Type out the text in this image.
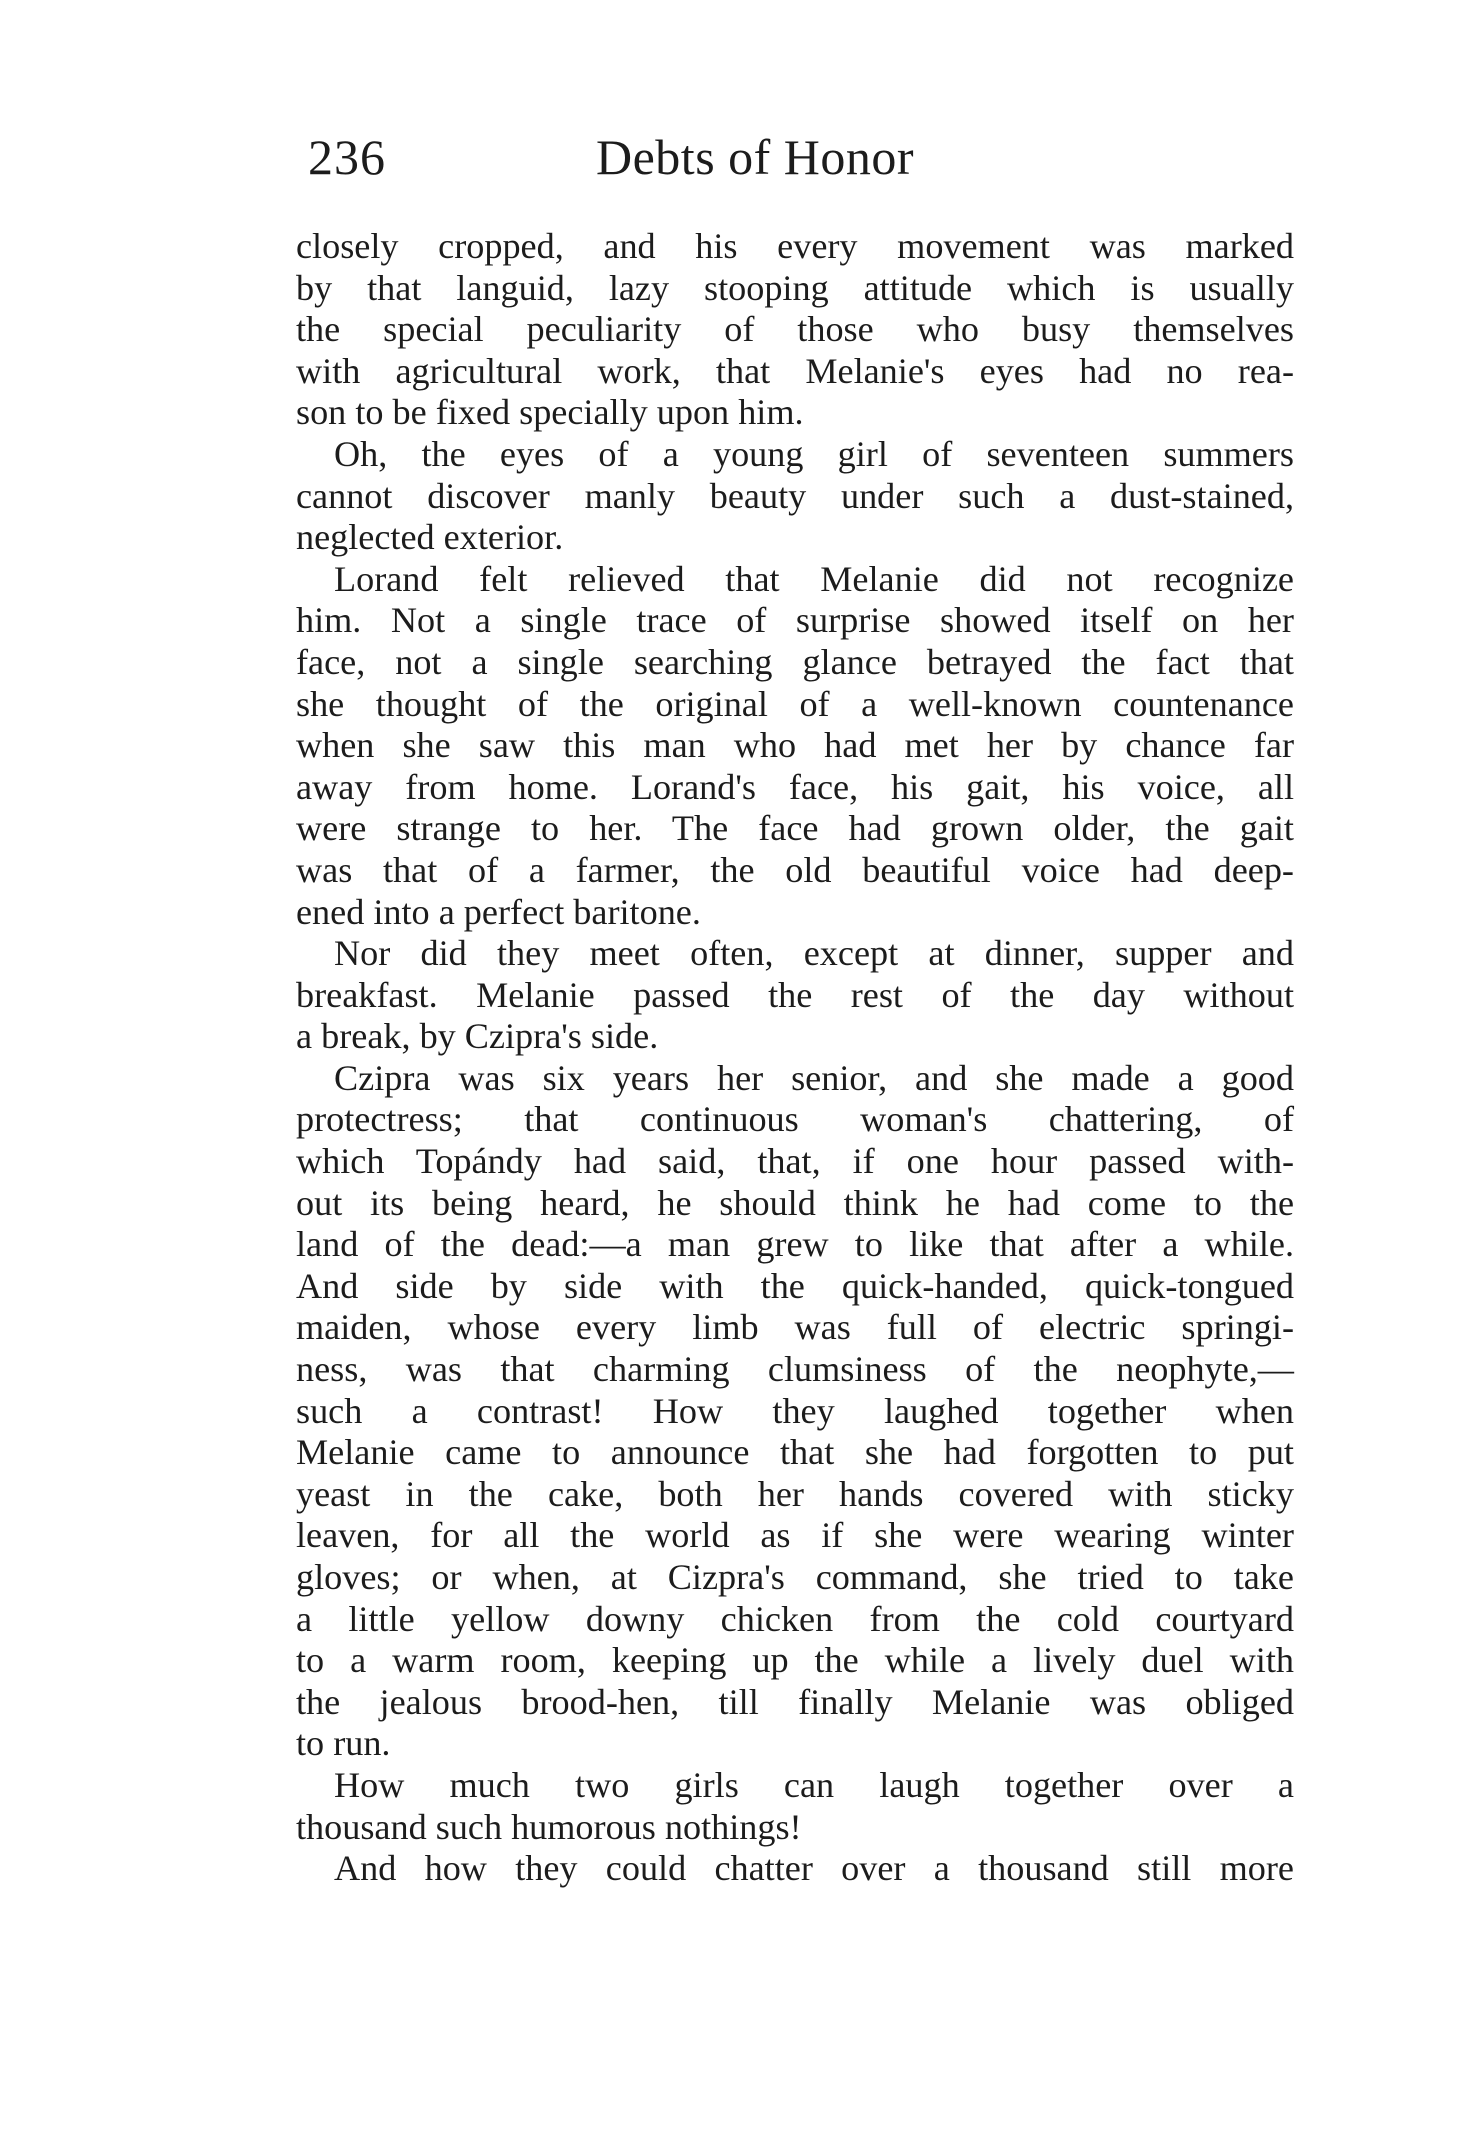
236	Debts of Honor

closely cropped, and his every movement was marked
by that languid, lazy stooping attitude which is usually
the special peculiarity of those who busy themselves
with agricultural work, that Melanie's eyes had no rea-
son to be fixed specially upon him.

Oh, the eyes of a young girl of seventeen summers
cannot discover manly beauty under such a dust-stained,
neglected exterior.

Lorand felt relieved that Melanie did not recognize
him. Not a single trace of surprise showed itself on her
face, not a single searching glance betrayed the fact that
she thought of the original of a well-known countenance
when she saw this man who had met her by chance far
away from home. Lorand's face, his gait, his voice, all
were strange to her. The face had grown older, the gait
was that of a farmer, the old beautiful voice had deep-
ened into a perfect baritone.

Nor did they meet often, except at dinner, supper and
breakfast. Melanie passed the rest of the day without
a break, by Czipra's side.

Czipra was six years her senior, and she made a good
protectress; that continuous woman's chattering, of
which Topándy had said, that, if one hour passed with-
out its being heard, he should think he had come to the
land of the dead:—a man grew to like that after a while.
And side by side with the quick-handed, quick-tongued
maiden, whose every limb was full of electric springi-
ness, was that charming clumsiness of the neophyte,—
such a contrast! How they laughed together when
Melanie came to announce that she had forgotten to put
yeast in the cake, both her hands covered with sticky
leaven, for all the world as if she were wearing winter
gloves; or when, at Cizpra's command, she tried to take
a little yellow downy chicken from the cold courtyard
to a warm room, keeping up the while a lively duel with
the jealous brood-hen, till finally Melanie was obliged
to run.

How much two girls can laugh together over a
thousand such humorous nothings!

And how they could chatter over a thousand still more
